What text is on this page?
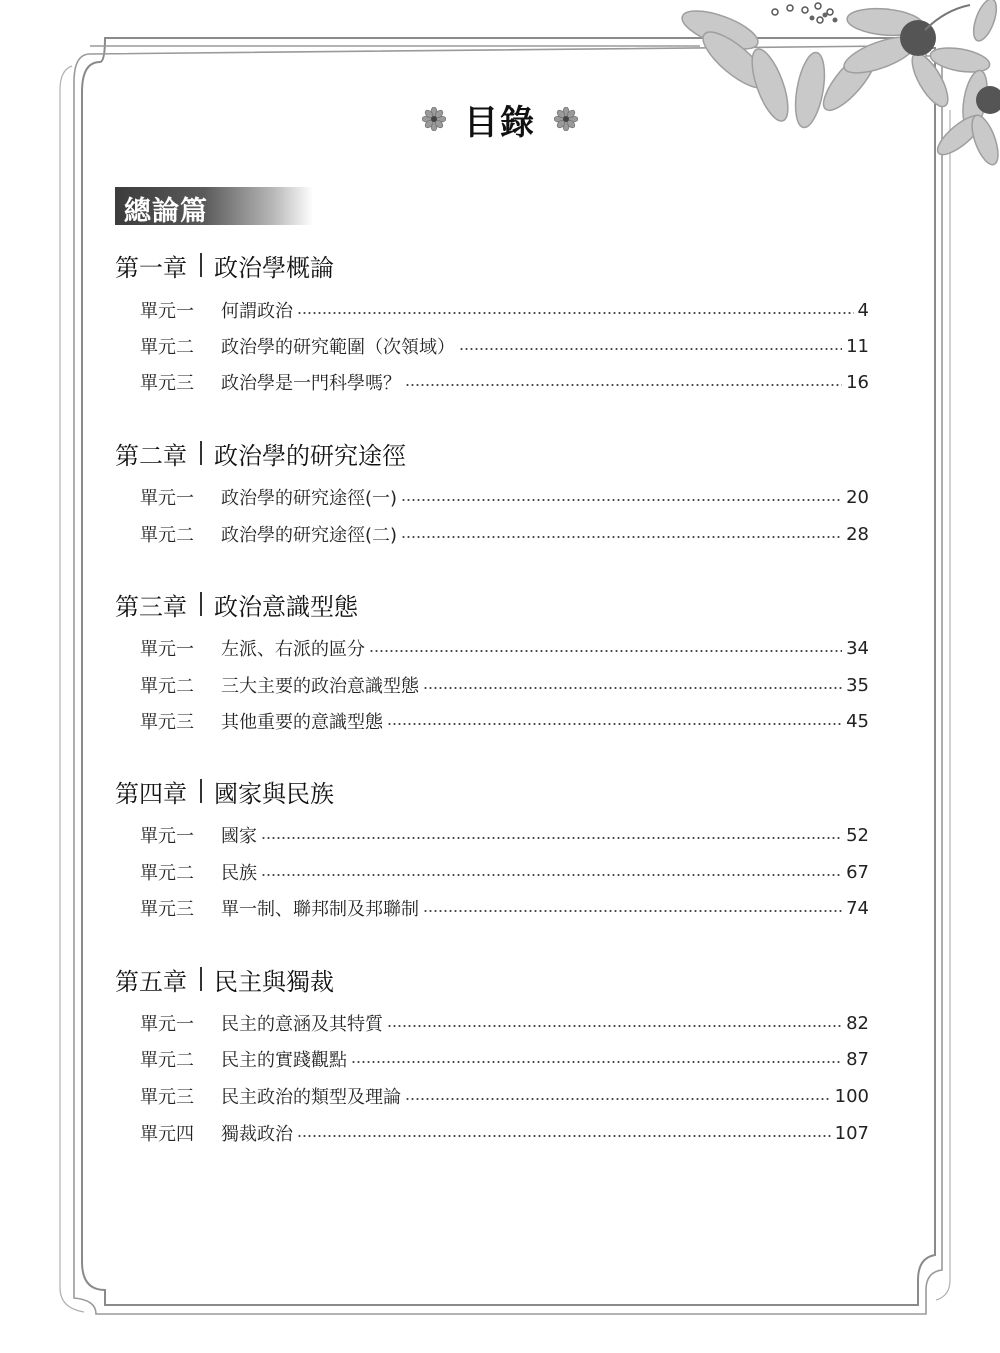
目錄
總論篇
第一章 政治學概論
單元一	何謂政治	4
單元二	政治學的研究範圍（次領域）	11
單元三	政治學是一門科學嗎？	16
第二章 政治學的研究途徑
單元一	政治學的研究途徑(一)	20
單元二	政治學的研究途徑(二)	28
第三章 政治意識型態
單元一	左派、右派的區分	34
單元二	三大主要的政治意識型態	35
單元三	其他重要的意識型態	45
第四章 國家與民族
單元一	國家	52
單元二	民族	67
單元三	單一制、聯邦制及邦聯制	74
第五章 民主與獨裁
單元一	民主的意涵及其特質	82
單元二	民主的實踐觀點	87
單元三	民主政治的類型及理論	100
單元四	獨裁政治	107
